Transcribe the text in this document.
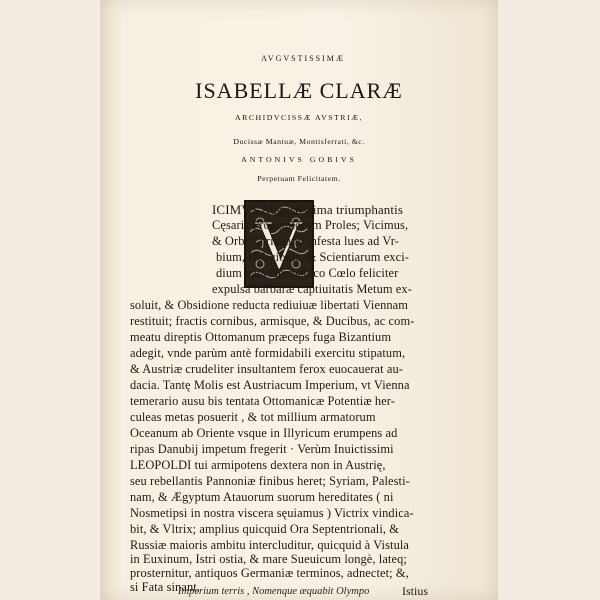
AVGVSTISSIMÆ
ISABELLÆ CLARÆ
ARCHIDVCISSÆ AVSTRIÆ,
Ducissæ Mantuæ, Montisferrati, &c.
ANTONIVS GOBIVS
Perpetuam Felicitatem.
V
ICIMVS Augustissima triumphantis
Cęsaris Progenitorum Proles; Vicimus,
& Orbi Christiano infesta lues ad Vr-
bium, Religionis, & Scientiarum exci-
dium nata Germanico Cœlo feliciter
expulsa barbaræ captiuitatis Metum ex-
soluit, & Obsidione reducta rediuiuæ libertati Viennam
restituit; fractis cornibus, armisque, & Ducibus, ac com-
meatu direptis Ottomanum præceps fuga Bizantium
adegit, vnde parùm antè formidabili exercitu stipatum,
& Austriæ crudeliter insultantem ferox euocauerat au-
dacia. Tantę Molis est Austriacum Imperium, vt Vienna
temerario ausu bis tentata Ottomanicæ Potentiæ her-
culeas metas posuerit , & tot millium armatorum
Oceanum ab Oriente vsque in Illyricum erumpens ad
ripas Danubij impetum fregerit · Verùm Inuictissimi
LEOPOLDI tui armipotens dextera non in Austrię,
seu rebellantis Pannoniæ finibus heret; Syriam, Palesti-
nam, & Ægyptum Atauorum suorum hereditates ( ni
Nosmetipsi in nostra viscera sęuiamus ) Victrix vindica-
bit, & Vltrix; amplius quicquid Ora Septentrionali, &
Russiæ maioris ambitu intercluditur, quicquid à Vistula
in Euxinum, Istri ostia, & mare Sueuicum longè, lateq;
prosternitur, antiquos Germaniæ terminos, adnectet; &,
si Fata sinant,
Imperium terris , Nomenque æquabit Olympo	Istius
